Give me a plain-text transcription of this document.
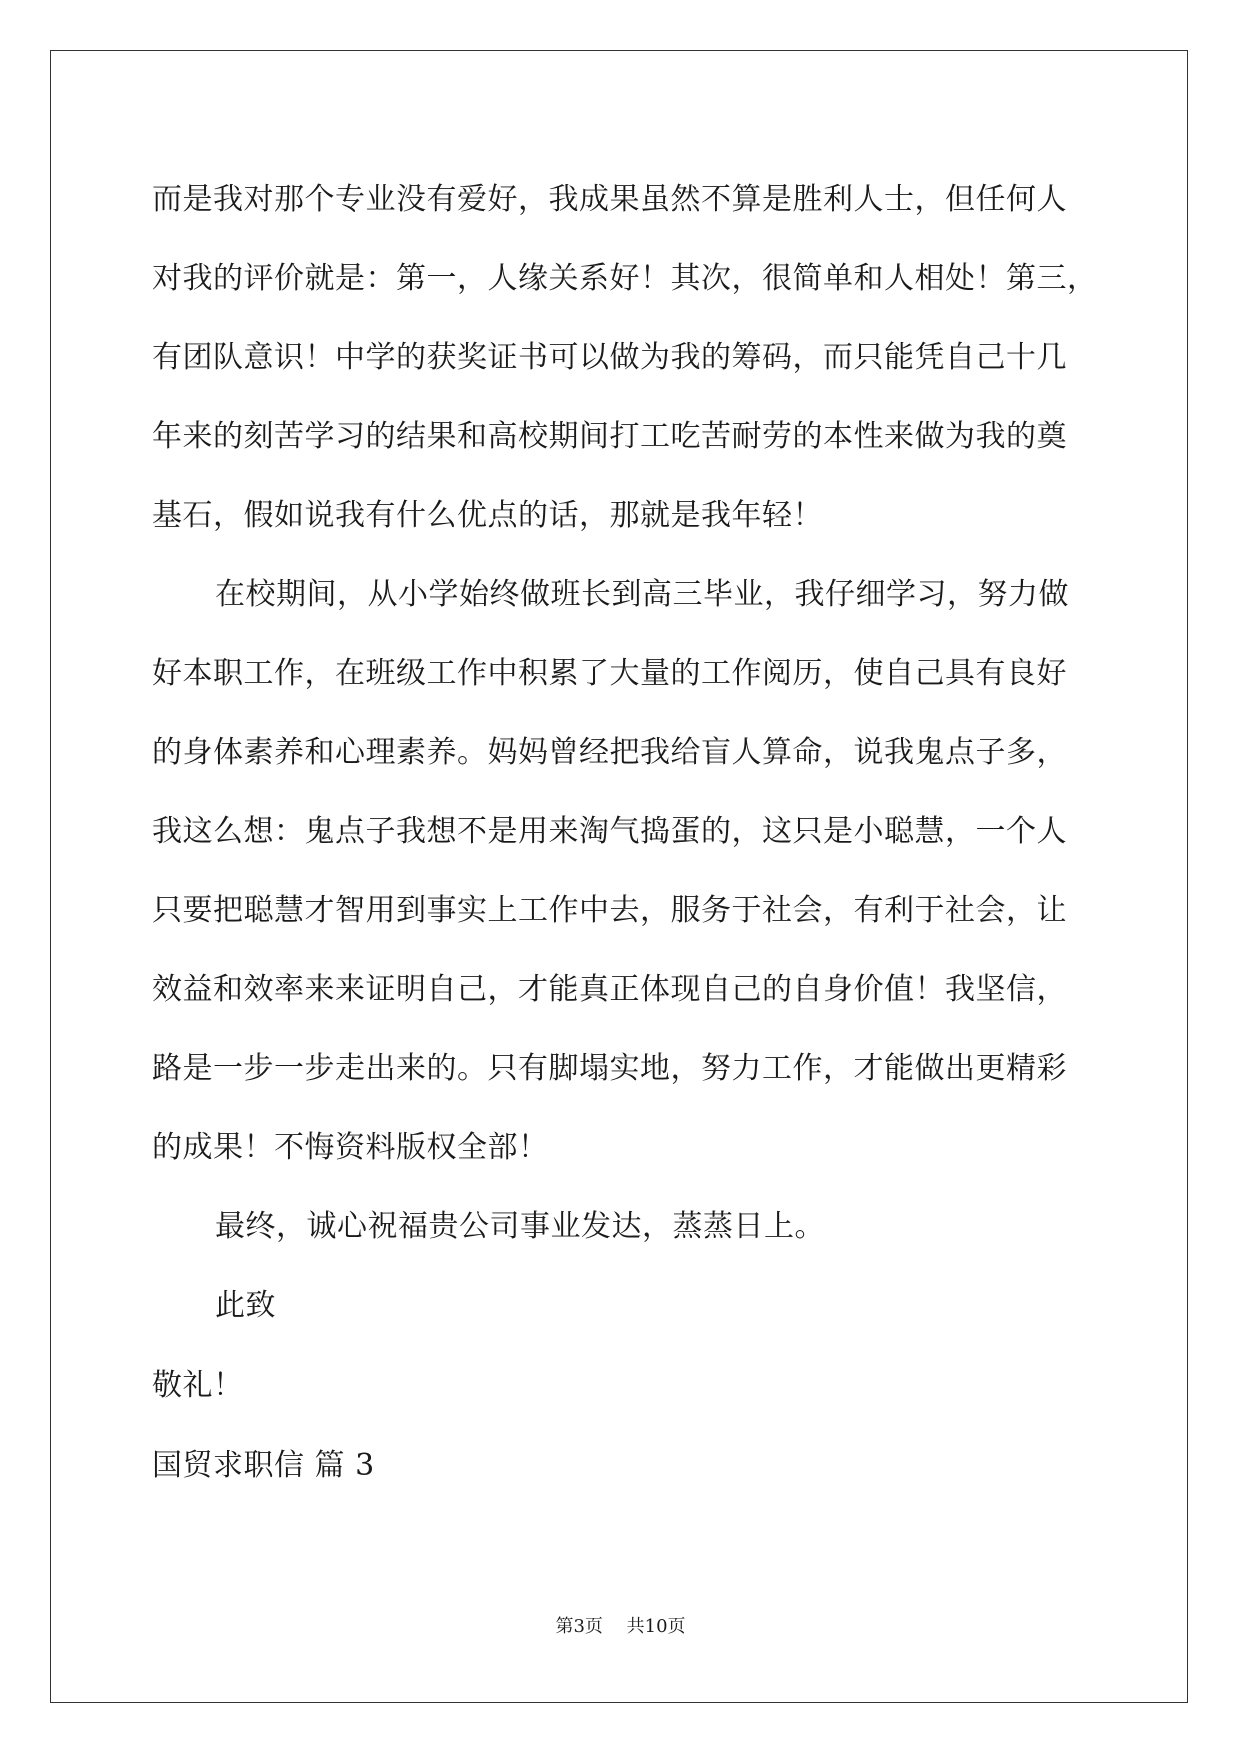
而是我对那个专业没有爱好，我成果虽然不算是胜利人士，但任何人
对我的评价就是：第一，人缘关系好！其次，很简单和人相处！第三，
有团队意识！中学的获奖证书可以做为我的筹码，而只能凭自己十几
年来的刻苦学习的结果和高校期间打工吃苦耐劳的本性来做为我的奠
基石，假如说我有什么优点的话，那就是我年轻！
在校期间，从小学始终做班长到高三毕业，我仔细学习，努力做
好本职工作，在班级工作中积累了大量的工作阅历，使自己具有良好
的身体素养和心理素养。妈妈曾经把我给盲人算命，说我鬼点子多，
我这么想：鬼点子我想不是用来淘气捣蛋的，这只是小聪慧，一个人
只要把聪慧才智用到事实上工作中去，服务于社会，有利于社会，让
效益和效率来来证明自己，才能真正体现自己的自身价值！我坚信，
路是一步一步走出来的。只有脚塌实地，努力工作，才能做出更精彩
的成果！不悔资料版权全部！
最终，诚心祝福贵公司事业发达，蒸蒸日上。
此致
敬礼！
国贸求职信 篇 3
第3页 共10页
